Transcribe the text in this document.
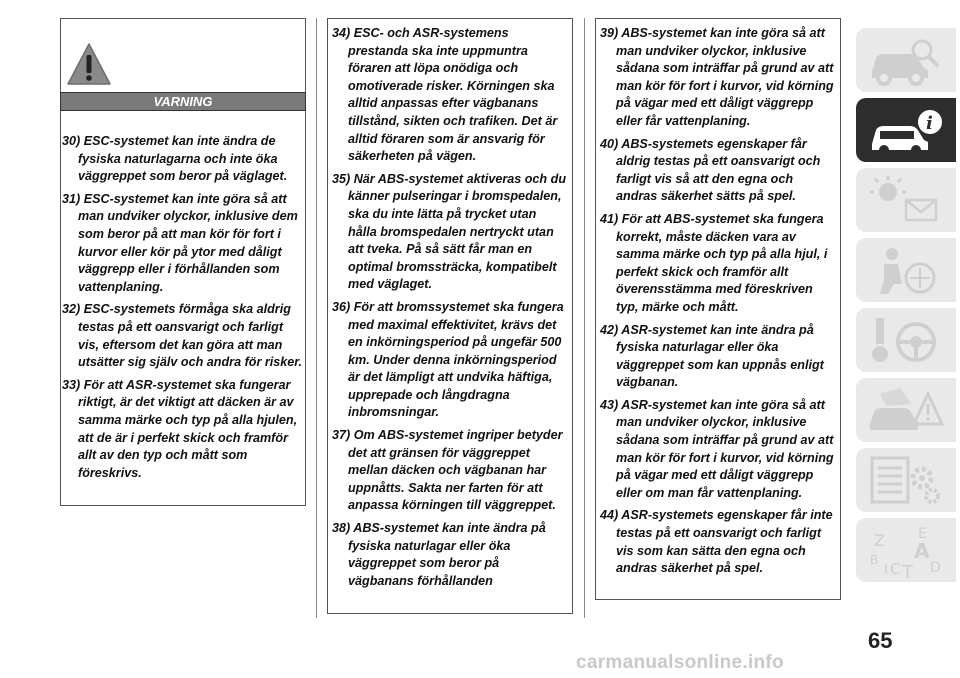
VARNING
30) ESC-systemet kan inte ändra de fysiska naturlagarna och inte öka väggreppet som beror på väglaget.
31) ESC-systemet kan inte göra så att man undviker olyckor, inklusive dem som beror på att man kör för fort i kurvor eller kör på ytor med dåligt väggrepp eller i förhållanden som vattenplaning.
32) ESC-systemets förmåga ska aldrig testas på ett oansvarigt och farligt vis, eftersom det kan göra att man utsätter sig själv och andra för risker.
33) För att ASR-systemet ska fungerar riktigt, är det viktigt att däcken är av samma märke och typ på alla hjulen, att de är i perfekt skick och framför allt av den typ och mått som föreskrivs.
34) ESC- och ASR-systemens prestanda ska inte uppmuntra föraren att löpa onödiga och omotiverade risker. Körningen ska alltid anpassas efter vägbanans tillstånd, sikten och trafiken. Det är alltid föraren som är ansvarig för säkerheten på vägen.
35) När ABS-systemet aktiveras och du känner pulseringar i bromspedalen, ska du inte lätta på trycket utan hålla bromspedalen nertryckt utan att tveka. På så sätt får man en optimal bromssträcka, kompatibelt med väglaget.
36) För att bromssystemet ska fungera med maximal effektivitet, krävs det en inkörningsperiod på ungefär 500 km. Under denna inkörningsperiod är det lämpligt att undvika häftiga, upprepade och långdragna inbromsningar.
37) Om ABS-systemet ingriper betyder det att gränsen för väggreppet mellan däcken och vägbanan har uppnåtts. Sakta ner farten för att anpassa körningen till väggreppet.
38) ABS-systemet kan inte ändra på fysiska naturlagar eller öka väggreppet som beror på vägbanans förhållanden
39) ABS-systemet kan inte göra så att man undviker olyckor, inklusive sådana som inträffar på grund av att man kör för fort i kurvor, vid körning på vägar med ett dåligt väggrepp eller får vattenplaning.
40) ABS-systemets egenskaper får aldrig testas på ett oansvarigt och farligt vis så att den egna och andras säkerhet sätts på spel.
41) För att ABS-systemet ska fungera korrekt, måste däcken vara av samma märke och typ på alla hjul, i perfekt skick och framför allt överensstämma med föreskriven typ, märke och mått.
42) ASR-systemet kan inte ändra på fysiska naturlagar eller öka väggreppet som kan uppnås enligt vägbanan.
43) ASR-systemet kan inte göra så att man undviker olyckor, inklusive sådana som inträffar på grund av att man kör för fort i kurvor, vid körning på vägar med ett dåligt väggrepp eller om man får vattenplaning.
44) ASR-systemets egenskaper får inte testas på ett oansvarigt och farligt vis som kan sätta den egna och andras säkerhet på spel.
i
Z E
A
B
I C T D
65
carmanualsonline.info
